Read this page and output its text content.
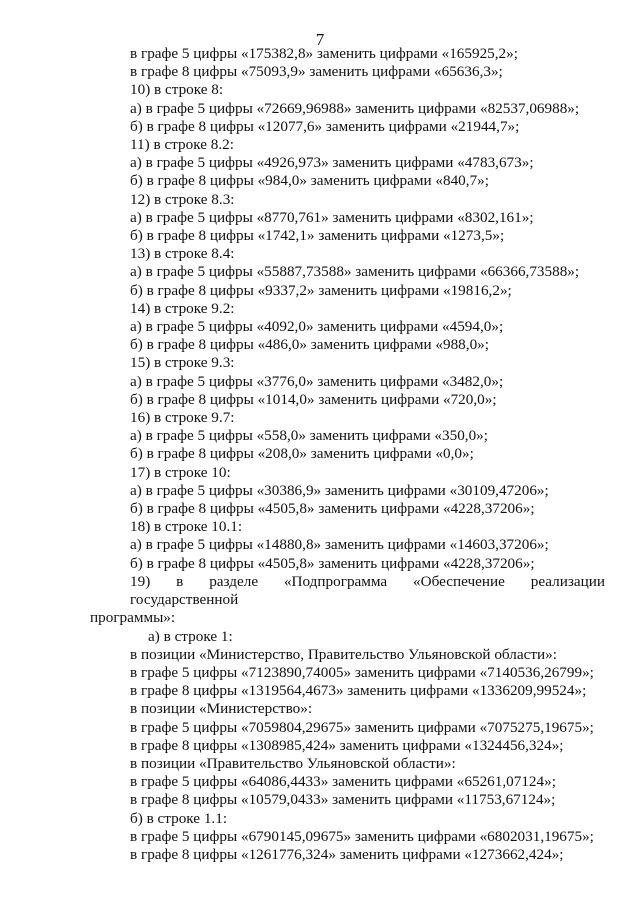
7
в графе 5 цифры «175382,8» заменить цифрами «165925,2»;
в графе 8 цифры «75093,9» заменить цифрами «65636,3»;
10) в строке 8:
а) в графе 5 цифры «72669,96988» заменить цифрами «82537,06988»;
б) в графе 8 цифры «12077,6» заменить цифрами «21944,7»;
11) в строке 8.2:
а) в графе 5 цифры «4926,973» заменить цифрами «4783,673»;
б) в графе 8 цифры «984,0» заменить цифрами «840,7»;
12) в строке 8.3:
а) в графе 5 цифры «8770,761» заменить цифрами «8302,161»;
б) в графе 8 цифры «1742,1» заменить цифрами «1273,5»;
13) в строке 8.4:
а) в графе 5 цифры «55887,73588» заменить цифрами «66366,73588»;
б) в графе 8 цифры «9337,2» заменить цифрами «19816,2»;
14) в строке 9.2:
а) в графе 5 цифры «4092,0» заменить цифрами «4594,0»;
б) в графе 8 цифры «486,0» заменить цифрами «988,0»;
15) в строке 9.3:
а) в графе 5 цифры «3776,0» заменить цифрами «3482,0»;
б) в графе 8 цифры «1014,0» заменить цифрами «720,0»;
16) в строке 9.7:
а) в графе 5 цифры «558,0» заменить цифрами «350,0»;
б) в графе 8 цифры «208,0» заменить цифрами «0,0»;
17) в строке 10:
а) в графе 5 цифры «30386,9» заменить цифрами «30109,47206»;
б) в графе 8 цифры «4505,8» заменить цифрами «4228,37206»;
18) в строке 10.1:
а) в графе 5 цифры «14880,8» заменить цифрами «14603,37206»;
б) в графе 8 цифры «4505,8» заменить цифрами «4228,37206»;
19) в разделе «Подпрограмма «Обеспечение реализации государственной
программы»:
а) в строке 1:
в позиции «Министерство, Правительство Ульяновской области»:
в графе 5 цифры «7123890,74005» заменить цифрами «7140536,26799»;
в графе 8 цифры «1319564,4673» заменить цифрами «1336209,99524»;
в позиции «Министерство»:
в графе 5 цифры «7059804,29675» заменить цифрами «7075275,19675»;
в графе 8 цифры «1308985,424» заменить цифрами «1324456,324»;
в позиции «Правительство Ульяновской области»:
в графе 5 цифры «64086,4433» заменить цифрами «65261,07124»;
в графе 8 цифры «10579,0433» заменить цифрами «11753,67124»;
б) в строке 1.1:
в графе 5 цифры «6790145,09675» заменить цифрами «6802031,19675»;
в графе 8 цифры «1261776,324» заменить цифрами «1273662,424»;
